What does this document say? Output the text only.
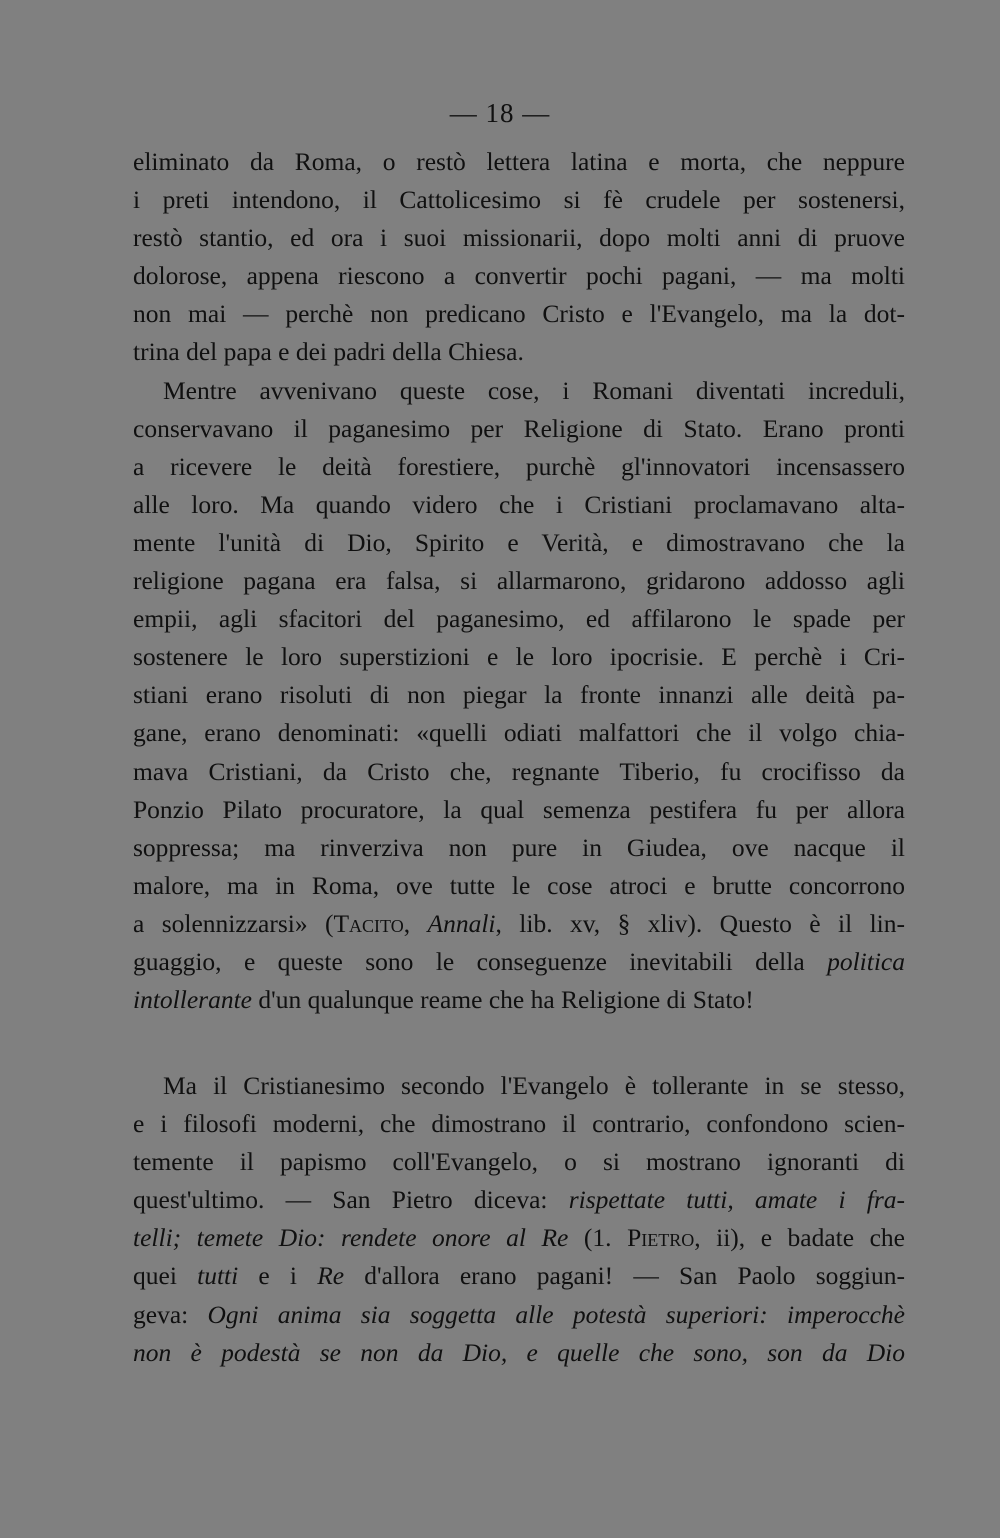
— 18 —
eliminato da Roma, o restò lettera latina e morta, che neppure
i preti intendono, il Cattolicesimo si fè crudele per sostenersi,
restò stantio, ed ora i suoi missionarii, dopo molti anni di pruove
dolorose, appena riescono a convertir pochi pagani, — ma molti
non mai — perchè non predicano Cristo e l'Evangelo, ma la dot-
trina del papa e dei padri della Chiesa.
Mentre avvenivano queste cose, i Romani diventati increduli,
conservavano il paganesimo per Religione di Stato. Erano pronti
a ricevere le deità forestiere, purchè gl'innovatori incensassero
alle loro. Ma quando videro che i Cristiani proclamavano alta-
mente l'unità di Dio, Spirito e Verità, e dimostravano che la
religione pagana era falsa, si allarmarono, gridarono addosso agli
empii, agli sfacitori del paganesimo, ed affilarono le spade per
sostenere le loro superstizioni e le loro ipocrisie. E perchè i Cri-
stiani erano risoluti di non piegar la fronte innanzi alle deità pa-
gane, erano denominati: «quelli odiati malfattori che il volgo chia-
mava Cristiani, da Cristo che, regnante Tiberio, fu crocifisso da
Ponzio Pilato procuratore, la qual semenza pestifera fu per allora
soppressa; ma rinverziva non pure in Giudea, ove nacque il
malore, ma in Roma, ove tutte le cose atroci e brutte concorrono
a solennizzarsi» (Tacito, Annali, lib. xv, § xliv). Questo è il lin-
guaggio, e queste sono le conseguenze inevitabili della politica
intollerante d'un qualunque reame che ha Religione di Stato!
Ma il Cristianesimo secondo l'Evangelo è tollerante in se stesso,
e i filosofi moderni, che dimostrano il contrario, confondono scien-
temente il papismo coll'Evangelo, o si mostrano ignoranti di
quest'ultimo. — San Pietro diceva: rispettate tutti, amate i fra-
telli; temete Dio: rendete onore al Re (1. Pietro, ii), e badate che
quei tutti e i Re d'allora erano pagani! — San Paolo soggiun-
geva: Ogni anima sia soggetta alle potestà superiori: imperocchè
non è podestà se non da Dio, e quelle che sono, son da Dio
